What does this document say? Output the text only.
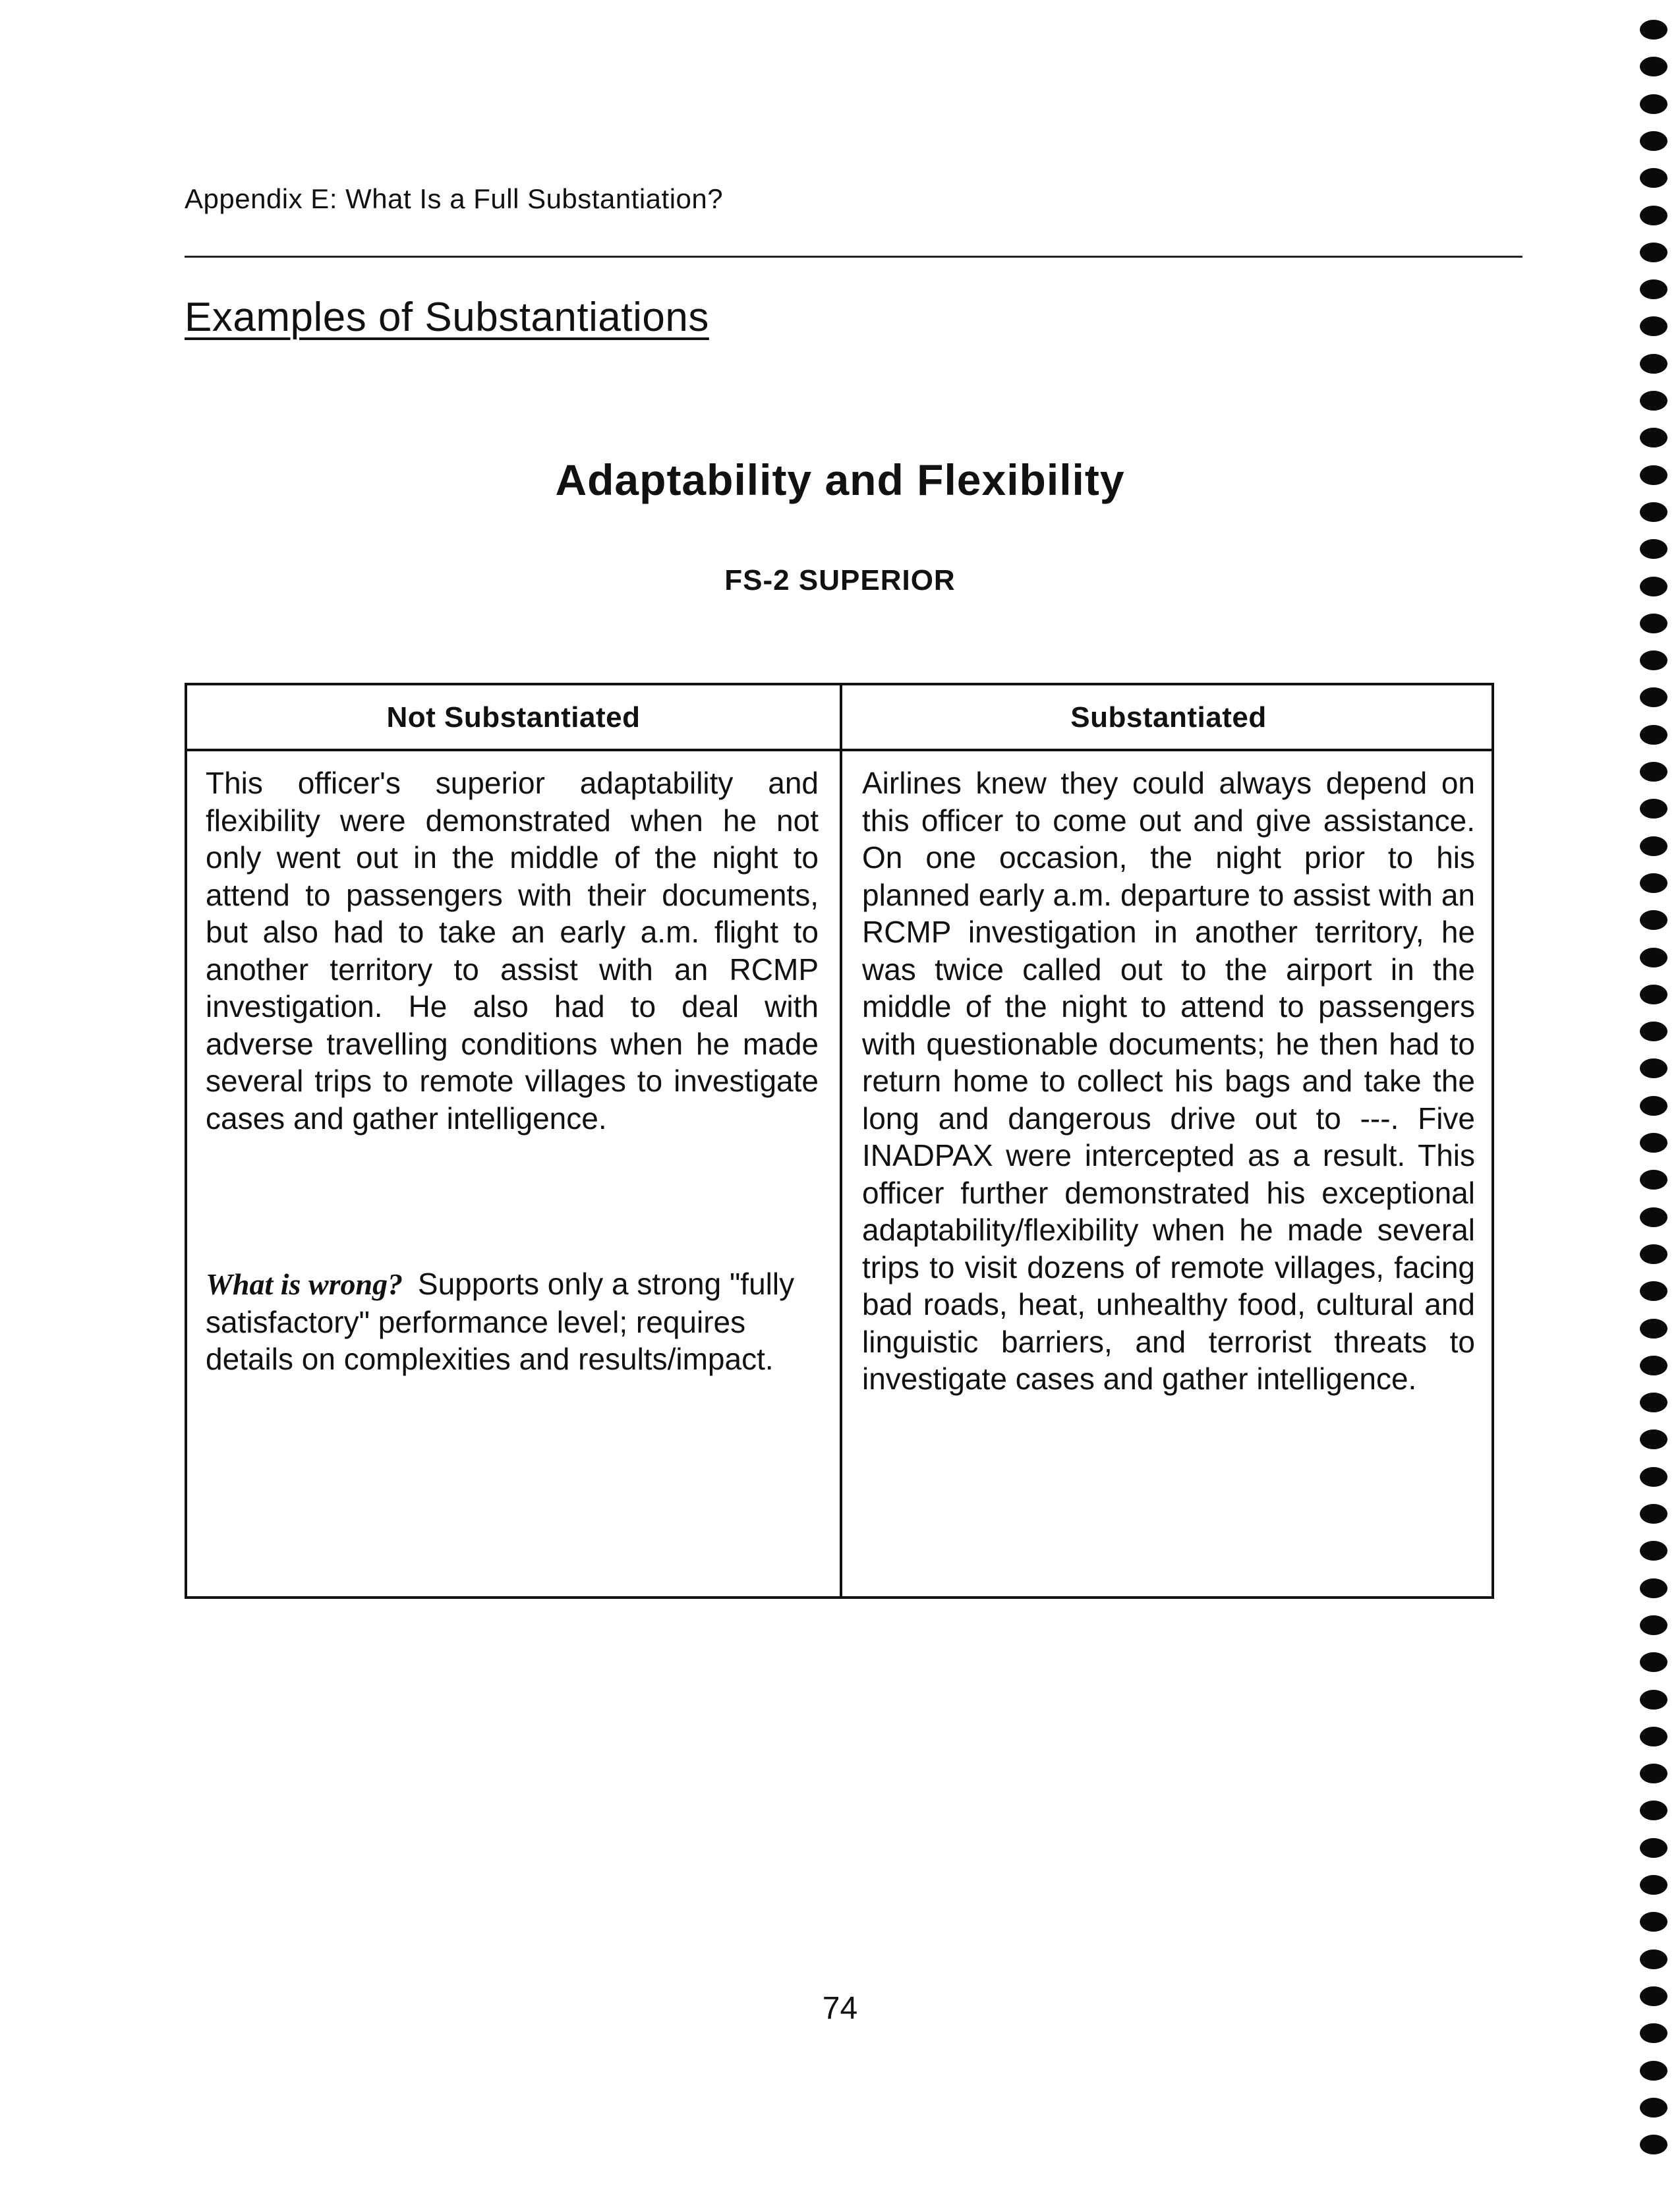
Appendix E: What Is a Full Substantiation?
Examples of Substantiations
Adaptability and Flexibility
FS-2 SUPERIOR
Not Substantiated	Substantiated

This officer's superior adaptability and flexibility were demonstrated when he not only went out in the middle of the night to attend to passengers with their documents, but also had to take an early a.m. flight to another territory to assist with an RCMP investigation. He also had to deal with adverse travelling conditions when he made several trips to remote villages to investigate cases and gather intelligence.

What is wrong? Supports only a strong "fully satisfactory" performance level; requires details on complexities and results/impact.

Airlines knew they could always depend on this officer to come out and give assistance. On one occasion, the night prior to his planned early a.m. departure to assist with an RCMP investigation in another territory, he was twice called out to the airport in the middle of the night to attend to passengers with questionable documents; he then had to return home to collect his bags and take the long and dangerous drive out to ---. Five INADPAX were intercepted as a result. This officer further demonstrated his exceptional adaptability/flexibility when he made several trips to visit dozens of remote villages, facing bad roads, heat, unhealthy food, cultural and linguistic barriers, and terrorist threats to investigate cases and gather intelligence.

74
